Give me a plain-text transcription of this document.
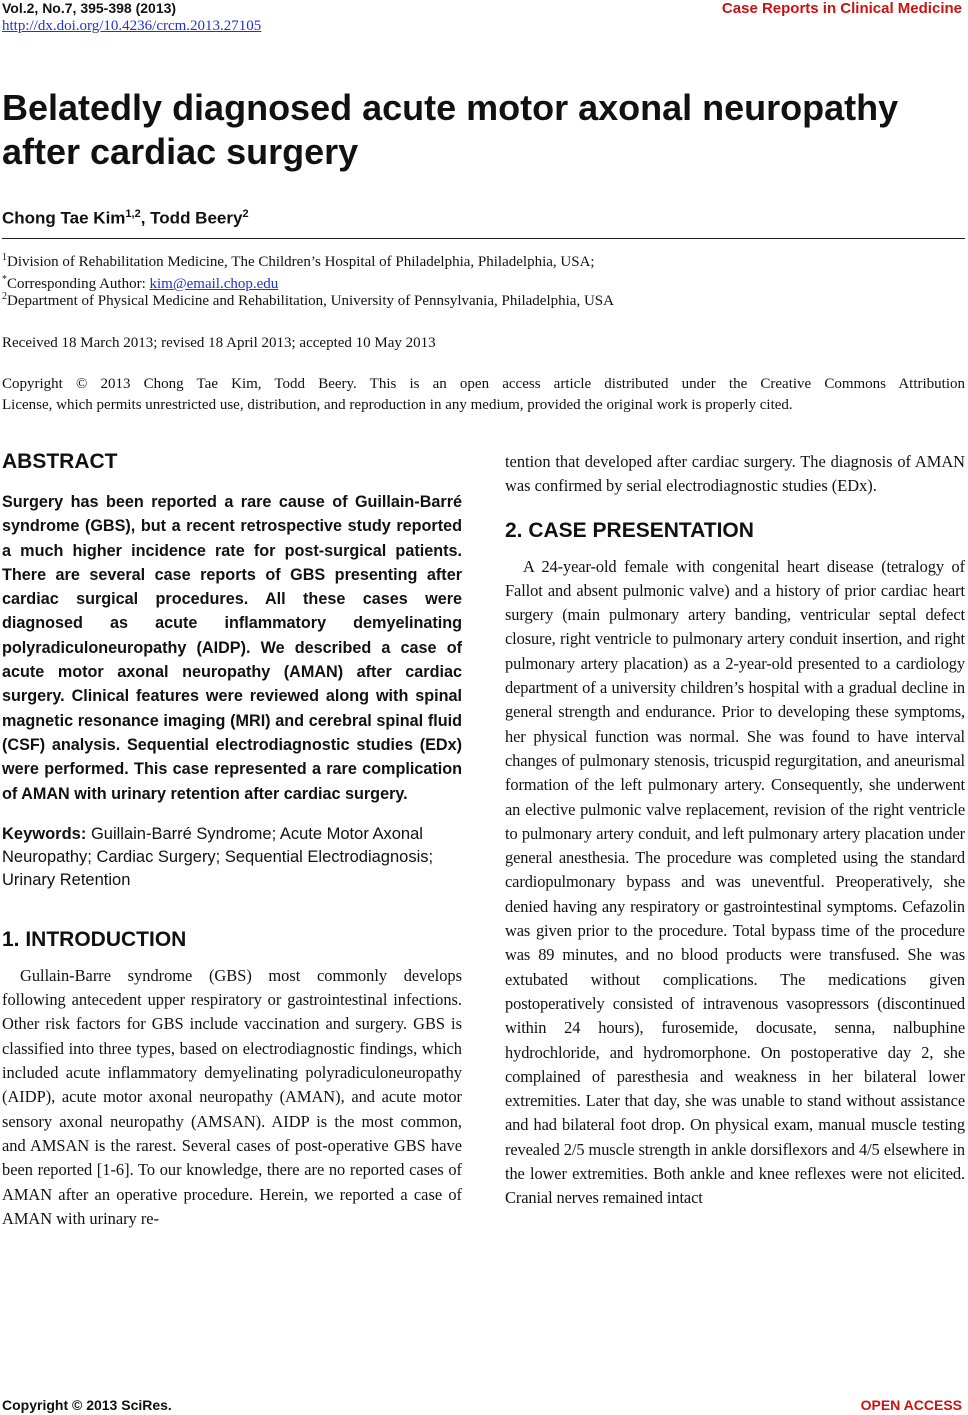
Vol.2, No.7, 395-398 (2013)
http://dx.doi.org/10.4236/crcm.2013.27105
Case Reports in Clinical Medicine
Belatedly diagnosed acute motor axonal neuropathy after cardiac surgery
Chong Tae Kim$^{1,2}$, Todd Beery$^2$
$^1$Division of Rehabilitation Medicine, The Children’s Hospital of Philadelphia, Philadelphia, USA;
*Corresponding Author: kim@email.chop.edu
$^2$Department of Physical Medicine and Rehabilitation, University of Pennsylvania, Philadelphia, USA
Received 18 March 2013; revised 18 April 2013; accepted 10 May 2013
Copyright © 2013 Chong Tae Kim, Todd Beery. This is an open access article distributed under the Creative Commons Attribution
License, which permits unrestricted use, distribution, and reproduction in any medium, provided the original work is properly cited.
ABSTRACT
Surgery has been reported a rare cause of Guillain-Barré syndrome (GBS), but a recent retrospective study reported a much higher incidence rate for post-surgical patients. There are several case reports of GBS presenting after cardiac surgical procedures. All these cases were diagnosed as acute inflammatory demyelinating polyradiculoneuropathy (AIDP). We described a case of acute motor axonal neuropathy (AMAN) after cardiac surgery. Clinical features were reviewed along with spinal magnetic resonance imaging (MRI) and cerebral spinal fluid (CSF) analysis. Sequential electrodiagnostic studies (EDx) were performed. This case represented a rare complication of AMAN with urinary retention after cardiac surgery.
Keywords: Guillain-Barré Syndrome; Acute Motor Axonal Neuropathy; Cardiac Surgery; Sequential Electrodiagnosis; Urinary Retention
1. INTRODUCTION

Gullain-Barre syndrome (GBS) most commonly develops following antecedent upper respiratory or gastrointestinal infections. Other risk factors for GBS include vaccination and surgery. GBS is classified into three types, based on electrodiagnostic findings, which included acute inflammatory demyelinating polyradiculoneuropathy (AIDP), acute motor axonal neuropathy (AMAN), and acute motor sensory axonal neuropathy (AMSAN). AIDP is the most common, and AMSAN is the rarest. Several cases of post-operative GBS have been reported [1-6]. To our knowledge, there are no reported cases of AMAN after an operative procedure. Herein, we reported a case of AMAN with urinary re-

tention that developed after cardiac surgery. The diagnosis of AMAN was confirmed by serial electrodiagnostic studies (EDx).

2. CASE PRESENTATION

A 24-year-old female with congenital heart disease (tetralogy of Fallot and absent pulmonic valve) and a history of prior cardiac heart surgery (main pulmonary artery banding, ventricular septal defect closure, right ventricle to pulmonary artery conduit insertion, and right pulmonary artery placation) as a 2-year-old presented to a cardiology department of a university children’s hospital with a gradual decline in general strength and endurance. Prior to developing these symptoms, her physical function was normal. She was found to have interval changes of pulmonary stenosis, tricuspid regurgitation, and aneurismal formation of the left pulmonary artery. Consequently, she underwent an elective pulmonic valve replacement, revision of the right ventricle to pulmonary artery conduit, and left pulmonary artery placation under general anesthesia. The procedure was completed using the standard cardiopulmonary bypass and was uneventful. Preoperatively, she denied having any respiratory or gastrointestinal symptoms. Cefazolin was given prior to the procedure. Total bypass time of the procedure was 89 minutes, and no blood products were transfused. She was extubated without complications. The medications given postoperatively consisted of intravenous vasopressors (discontinued within 24 hours), furosemide, docusate, senna, nalbuphine hydrochloride, and hydromorphone. On postoperative day 2, she complained of paresthesia and weakness in her bilateral lower extremities. Later that day, she was unable to stand without assistance and had bilateral foot drop. On physical exam, manual muscle testing revealed 2/5 muscle strength in ankle dorsiflexors and 4/5 elsewhere in the lower extremities. Both ankle and knee reflexes were not elicited. Cranial nerves remained intact

Copyright © 2013 SciRes.	OPEN ACCESS
